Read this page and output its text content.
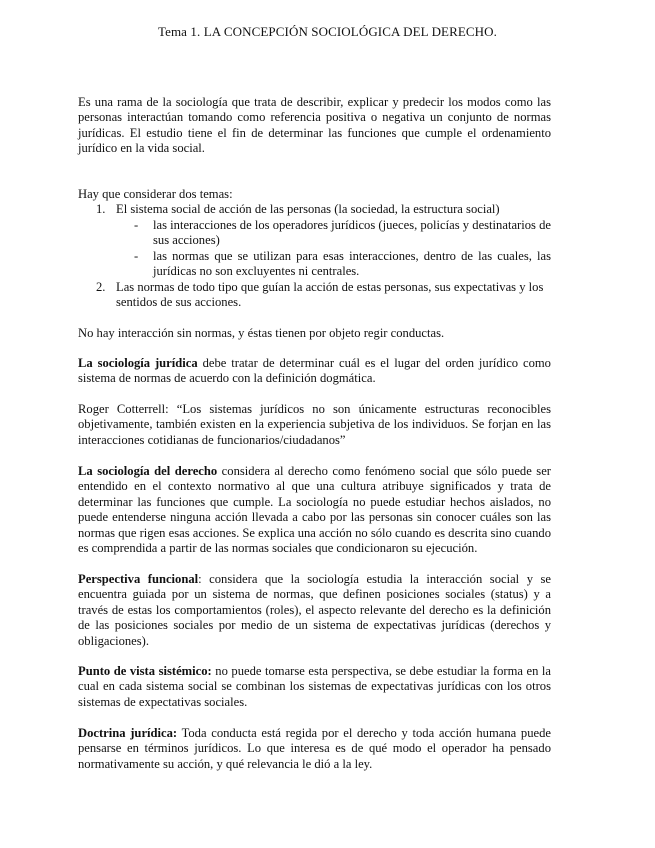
Tema 1. LA CONCEPCIÓN SOCIOLÓGICA DEL DERECHO.

Es una rama de la sociología que trata de describir, explicar y predecir los modos como las personas interactúan tomando como referencia positiva o negativa un conjunto de normas jurídicas. El estudio tiene el fin de determinar las funciones que cumple el ordenamiento jurídico en la vida social.

Hay que considerar dos temas:

1. El sistema social de acción de las personas (la sociedad, la estructura social)
- las interacciones de los operadores jurídicos (jueces, policías y destinatarios de sus acciones)
- las normas que se utilizan para esas interacciones, dentro de las cuales, las jurídicas no son excluyentes ni centrales.
2. Las normas de todo tipo que guían la acción de estas personas, sus expectativas y los sentidos de sus acciones.

No hay interacción sin normas, y éstas tienen por objeto regir conductas.

La sociología jurídica debe tratar de determinar cuál es el lugar del orden jurídico como sistema de normas de acuerdo con la definición dogmática.

Roger Cotterrell: “Los sistemas jurídicos no son únicamente estructuras reconocibles objetivamente, también existen en la experiencia subjetiva de los individuos. Se forjan en las interacciones cotidianas de funcionarios/ciudadanos”

La sociología del derecho considera al derecho como fenómeno social que sólo puede ser entendido en el contexto normativo al que una cultura atribuye significados y trata de determinar las funciones que cumple. La sociología no puede estudiar hechos aislados, no puede entenderse ninguna acción llevada a cabo por las personas sin conocer cuáles son las normas que rigen esas acciones. Se explica una acción no sólo cuando es descrita sino cuando es comprendida a partir de las normas sociales que condicionaron su ejecución.

Perspectiva funcional: considera que la sociología estudia la interacción social y se encuentra guiada por un sistema de normas, que definen posiciones sociales (status) y a través de estas los comportamientos (roles), el aspecto relevante del derecho es la definición de las posiciones sociales por medio de un sistema de expectativas jurídicas (derechos y obligaciones).

Punto de vista sistémico: no puede tomarse esta perspectiva, se debe estudiar la forma en la cual en cada sistema social se combinan los sistemas de expectativas jurídicas con los otros sistemas de expectativas sociales.

Doctrina jurídica: Toda conducta está regida por el derecho y toda acción humana puede pensarse en términos jurídicos. Lo que interesa es de qué modo el operador ha pensado normativamente su acción, y qué relevancia le dió a la ley.
